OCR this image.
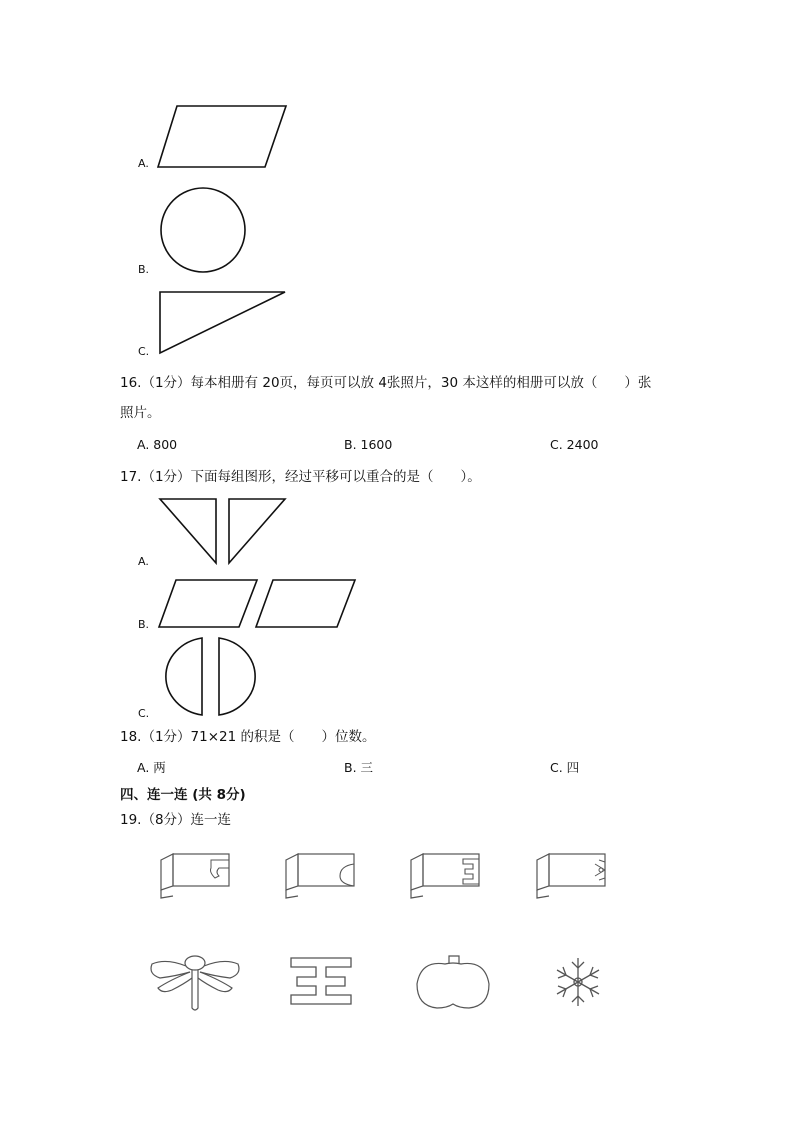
A.
B.
C.
16.（1分）每本相册有 20页，每页可以放 4张照片，30 本这样的相册可以放（　　）张
照片。
A. 800	B. 1600	C. 2400
17.（1分）下面每组图形，经过平移可以重合的是（　　）。
A.
B.
C.
18.（1分）71×21 的积是（　　）位数。
A. 两	B. 三	C. 四
四、连一连 (共 8分)
19.（8分）连一连
